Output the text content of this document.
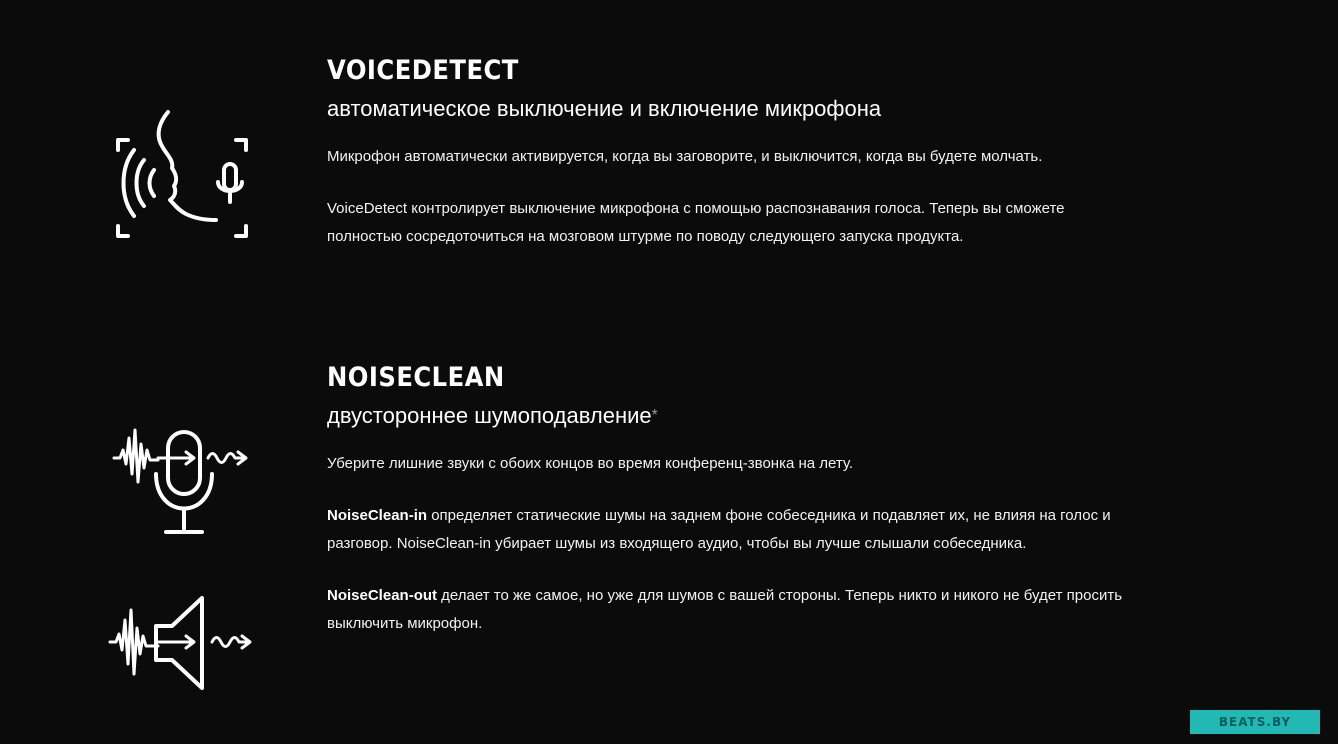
VOICEDETECT
автоматическое выключение и включение микрофона

Микрофон автоматически активируется, когда вы заговорите, и выключится, когда вы будете молчать.

VoiceDetect контролирует выключение микрофона с помощью распознавания голоса. Теперь вы сможете
полностью сосредоточиться на мозговом штурме по поводу следующего запуска продукта.

NOISECLEAN
двустороннее шумоподавление*

Уберите лишние звуки с обоих концов во время конференц-звонка на лету.

NoiseClean-in определяет статические шумы на заднем фоне собеседника и подавляет их, не влияя на голос и
разговор. NoiseClean-in убирает шумы из входящего аудио, чтобы вы лучше слышали собеседника.

NoiseClean-out делает то же самое, но уже для шумов с вашей стороны. Теперь никто и никого не будет просить
выключить микрофон.

BEATS.BY
